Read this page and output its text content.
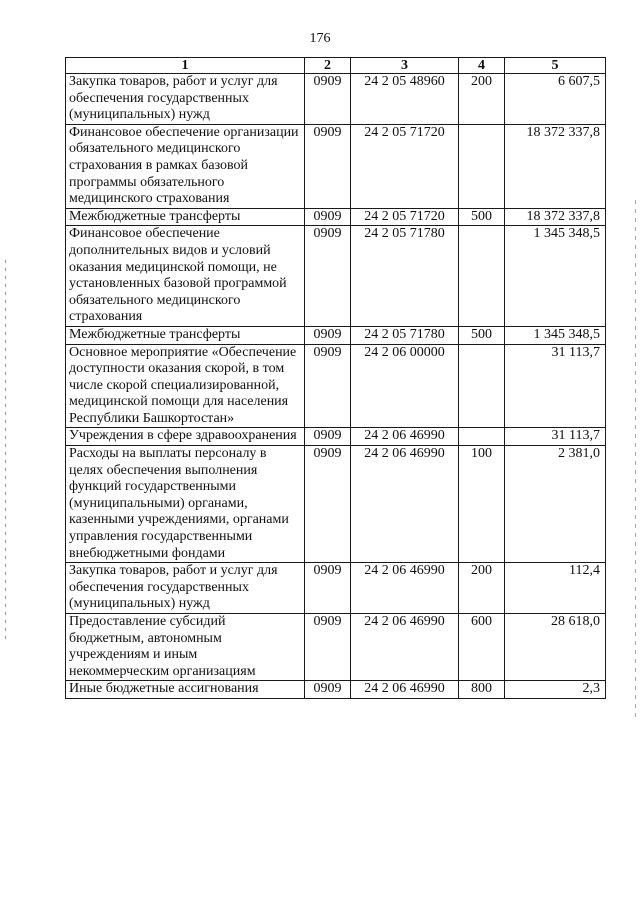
176
1	2	3	4	5
Закупка товаров, работ и услуг для обеспечения государственных (муниципальных) нужд	0909	24 2 05 48960	200	6 607,5
Финансовое обеспечение организации обязательного медицинского страхования в рамках базовой программы обязательного медицинского страхования	0909	24 2 05 71720		18 372 337,8
Межбюджетные трансферты	0909	24 2 05 71720	500	18 372 337,8
Финансовое обеспечение дополнительных видов и условий оказания медицинской помощи, не установленных базовой программой обязательного медицинского страхования	0909	24 2 05 71780		1 345 348,5
Межбюджетные трансферты	0909	24 2 05 71780	500	1 345 348,5
Основное мероприятие «Обеспечение доступности оказания скорой, в том числе скорой специализированной, медицинской помощи для населения Республики Башкортостан»	0909	24 2 06 00000		31 113,7
Учреждения в сфере здравоохранения	0909	24 2 06 46990		31 113,7
Расходы на выплаты персоналу в целях обеспечения выполнения функций государственными (муниципальными) органами, казенными учреждениями, органами управления государственными внебюджетными фондами	0909	24 2 06 46990	100	2 381,0
Закупка товаров, работ и услуг для обеспечения государственных (муниципальных) нужд	0909	24 2 06 46990	200	112,4
Предоставление субсидий бюджетным, автономным учреждениям и иным некоммерческим организациям	0909	24 2 06 46990	600	28 618,0
Иные бюджетные ассигнования	0909	24 2 06 46990	800	2,3
